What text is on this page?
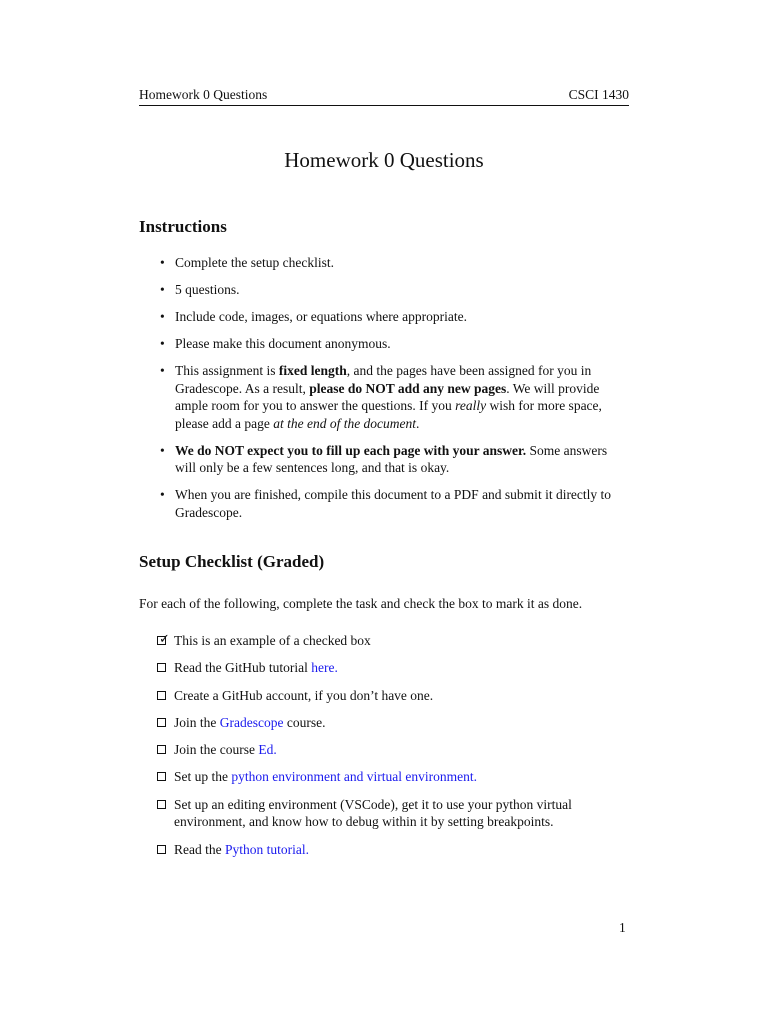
Homework 0 Questions	CSCI 1430
Homework 0 Questions
Instructions
• Complete the setup checklist.
• 5 questions.
• Include code, images, or equations where appropriate.
• Please make this document anonymous.
• This assignment is fixed length, and the pages have been assigned for you in Gradescope. As a result, please do NOT add any new pages. We will provide ample room for you to answer the questions. If you really wish for more space, please add a page at the end of the document.
• We do NOT expect you to fill up each page with your answer. Some answers will only be a few sentences long, and that is okay.
• When you are finished, compile this document to a PDF and submit it directly to Gradescope.
Setup Checklist (Graded)
For each of the following, complete the task and check the box to mark it as done.
✓ This is an example of a checked box
Read the GitHub tutorial here.
Create a GitHub account, if you don’t have one.
Join the Gradescope course.
Join the course Ed.
Set up the python environment and virtual environment.
Set up an editing environment (VSCode), get it to use your python virtual environment, and know how to debug within it by setting breakpoints.
Read the Python tutorial.
1
